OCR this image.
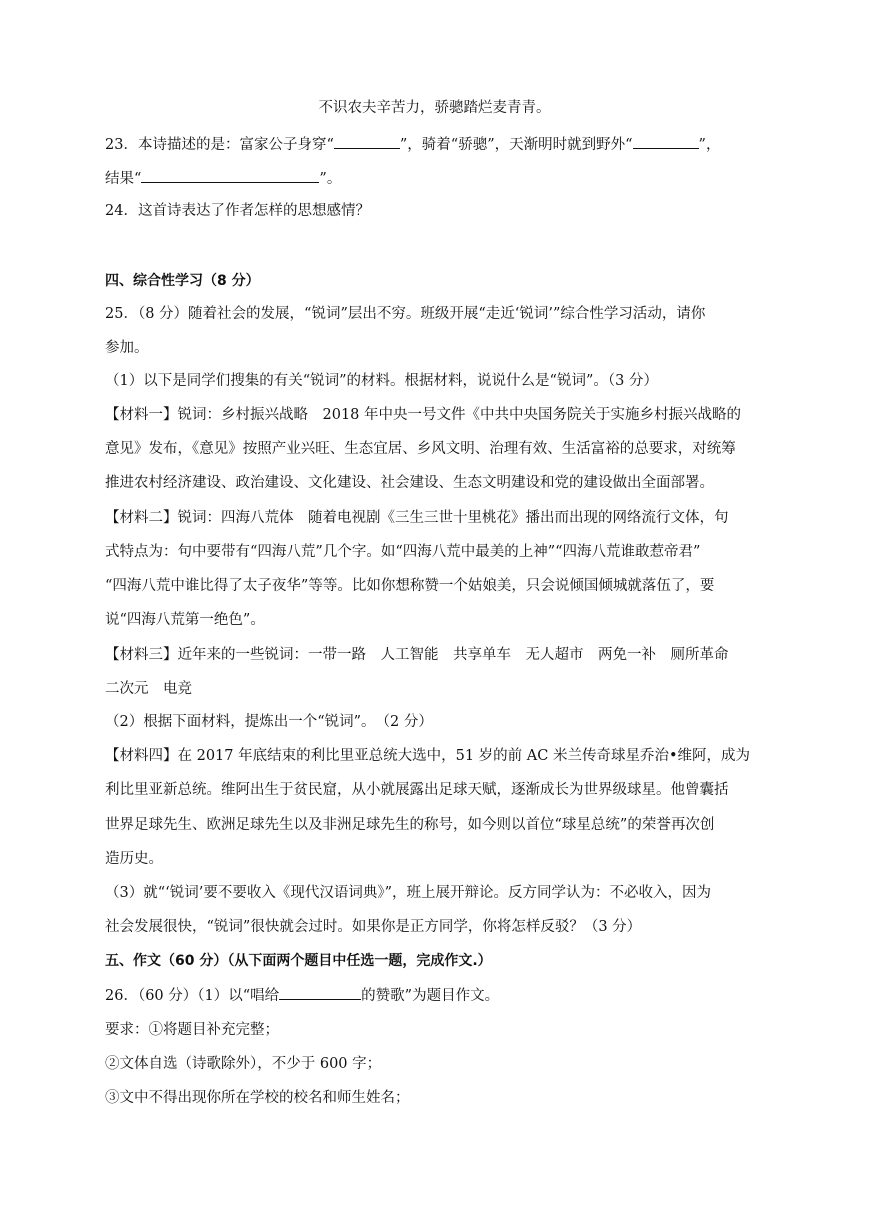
不识农夫辛苦力，骄骢踏烂麦青青。
23．本诗描述的是：富家公子身穿“	”，骑着“骄骢”，天渐明时就到野外“	”，
结果“	”。
24．这首诗表达了作者怎样的思想感情？
四、综合性学习（8 分）
25．（8 分）随着社会的发展，“锐词”层出不穷。班级开展“走近‘锐词’”综合性学习活动，请你
参加。
（1）以下是同学们搜集的有关“锐词”的材料。根据材料，说说什么是“锐词”。（3 分）
【材料一】锐词：乡村振兴战略　2018 年中央一号文件《中共中央国务院关于实施乡村振兴战略的
意见》发布，《意见》按照产业兴旺、生态宜居、乡风文明、治理有效、生活富裕的总要求，对统筹
推进农村经济建设、政治建设、文化建设、社会建设、生态文明建设和党的建设做出全面部署。
【材料二】锐词：四海八荒体　随着电视剧《三生三世十里桃花》播出而出现的网络流行文体，句
式特点为：句中要带有“四海八荒”几个字。如“四海八荒中最美的上神”“四海八荒谁敢惹帝君”
“四海八荒中谁比得了太子夜华”等等。比如你想称赞一个姑娘美，只会说倾国倾城就落伍了，要
说“四海八荒第一绝色”。
【材料三】近年来的一些锐词：一带一路　人工智能　共享单车　无人超市　两免一补　厕所革命
二次元　电竞
（2）根据下面材料，提炼出一个“锐词”。　（2 分）
【材料四】在 2017 年底结束的利比里亚总统大选中，51 岁的前 AC 米兰传奇球星乔治•维阿，成为
利比里亚新总统。维阿出生于贫民窟，从小就展露出足球天赋，逐渐成长为世界级球星。他曾囊括
世界足球先生、欧洲足球先生以及非洲足球先生的称号，如今则以首位“球星总统”的荣誉再次创
造历史。
（3）就“‘锐词’要不要收入《现代汉语词典》”，班上展开辩论。反方同学认为：不必收入，因为
社会发展很快，“锐词”很快就会过时。如果你是正方同学，你将怎样反驳？（3 分）
五、作文（60 分）（从下面两个题目中任选一题，完成作文.）
26．（60 分）（1）以“唱给	的赞歌”为题目作文。
要求：①将题目补充完整；
②文体自选（诗歌除外），不少于 600 字；
③文中不得出现你所在学校的校名和师生姓名；
